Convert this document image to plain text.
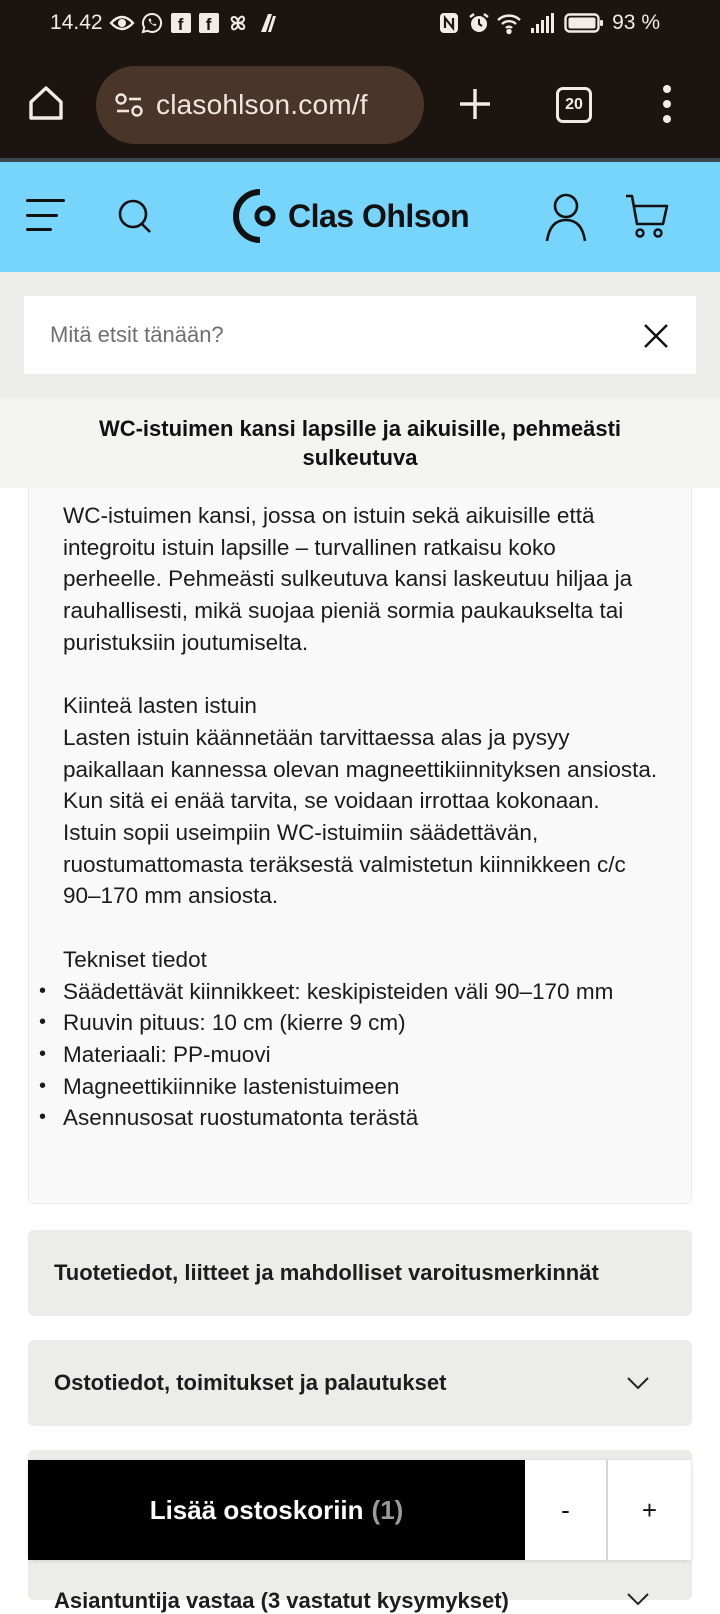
14.42	f	f	93 %
clasohlson.com/f	20
Clas Ohlson
Mitä etsit tänään?
WC-istuimen kansi lapsille ja aikuisille, pehmeästi sulkeutuva

WC-istuimen kansi, jossa on istuin sekä aikuisille että integroitu istuin lapsille – turvallinen ratkaisu koko perheelle. Pehmeästi sulkeutuva kansi laskeutuu hiljaa ja rauhallisesti, mikä suojaa pieniä sormia paukaukselta tai puristuksiin joutumiselta.

Kiinteä lasten istuin

Lasten istuin käännetään tarvittaessa alas ja pysyy paikallaan kannessa olevan magneettikiinnityksen ansiosta. Kun sitä ei enää tarvita, se voidaan irrottaa kokonaan. Istuin sopii useimpiin WC-istuimiin säädettävän, ruostumattomasta teräksestä valmistetun kiinnikkeen c/c 90–170 mm ansiosta.

Tekniset tiedot
• Säädettävät kiinnikkeet: keskipisteiden väli 90–170 mm
• Ruuvin pituus: 10 cm (kierre 9 cm)
• Materiaali: PP-muovi
• Magneettikiinnike lastenistuimeen
• Asennusosat ruostumatonta terästä
Tuotetiedot, liitteet ja mahdolliset varoitusmerkinnät
Ostotiedot, toimitukset ja palautukset
Asiantuntija vastaa (3 vastatut kysymykset)
Lisää ostoskoriin (1)	-	+
